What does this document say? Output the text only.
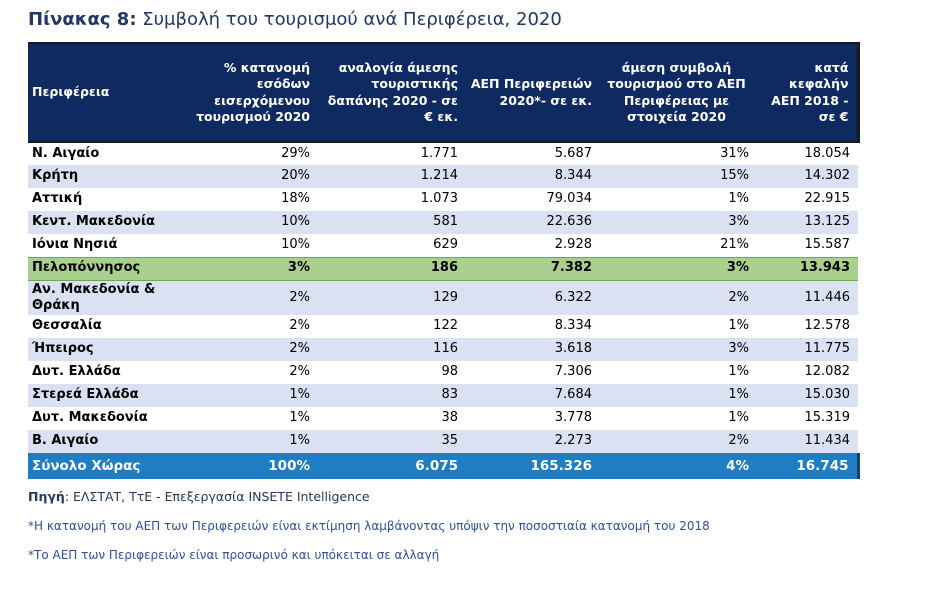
Πίνακας 8: Συμβολή του τουρισμού ανά Περιφέρεια, 2020
Περιφέρεια	% κατανομή εσόδων εισερχόμενου τουρισμού 2020	αναλογία άμεσης τουριστικής δαπάνης 2020 - σε € εκ.	ΑΕΠ Περιφερειών 2020*- σε εκ.	άμεση συμβολή τουρισμού στο ΑΕΠ Περιφέρειας με στοιχεία 2020	κατά κεφαλήν ΑΕΠ 2018 - σε €
Ν. Αιγαίο	29%	1.771	5.687	31%	18.054
Κρήτη	20%	1.214	8.344	15%	14.302
Αττική	18%	1.073	79.034	1%	22.915
Κεντ. Μακεδονία	10%	581	22.636	3%	13.125
Ιόνια Νησιά	10%	629	2.928	21%	15.587
Πελοπόννησος	3%	186	7.382	3%	13.943
Αν. Μακεδονία & Θράκη	2%	129	6.322	2%	11.446
Θεσσαλία	2%	122	8.334	1%	12.578
Ήπειρος	2%	116	3.618	3%	11.775
Δυτ. Ελλάδα	2%	98	7.306	1%	12.082
Στερεά Ελλάδα	1%	83	7.684	1%	15.030
Δυτ. Μακεδονία	1%	38	3.778	1%	15.319
Β. Αιγαίο	1%	35	2.273	2%	11.434
Σύνολο Χώρας	100%	6.075	165.326	4%	16.745
Πηγή: ΕΛΣΤΑΤ, ΤτΕ - Επεξεργασία INSETE Intelligence
*Η κατανομή του ΑΕΠ των Περιφερειών είναι εκτίμηση λαμβάνοντας υπόψιν την ποσοστιαία κατανομή του 2018
*Το ΑΕΠ των Περιφερειών είναι προσωρινό και υπόκειται σε αλλαγή
